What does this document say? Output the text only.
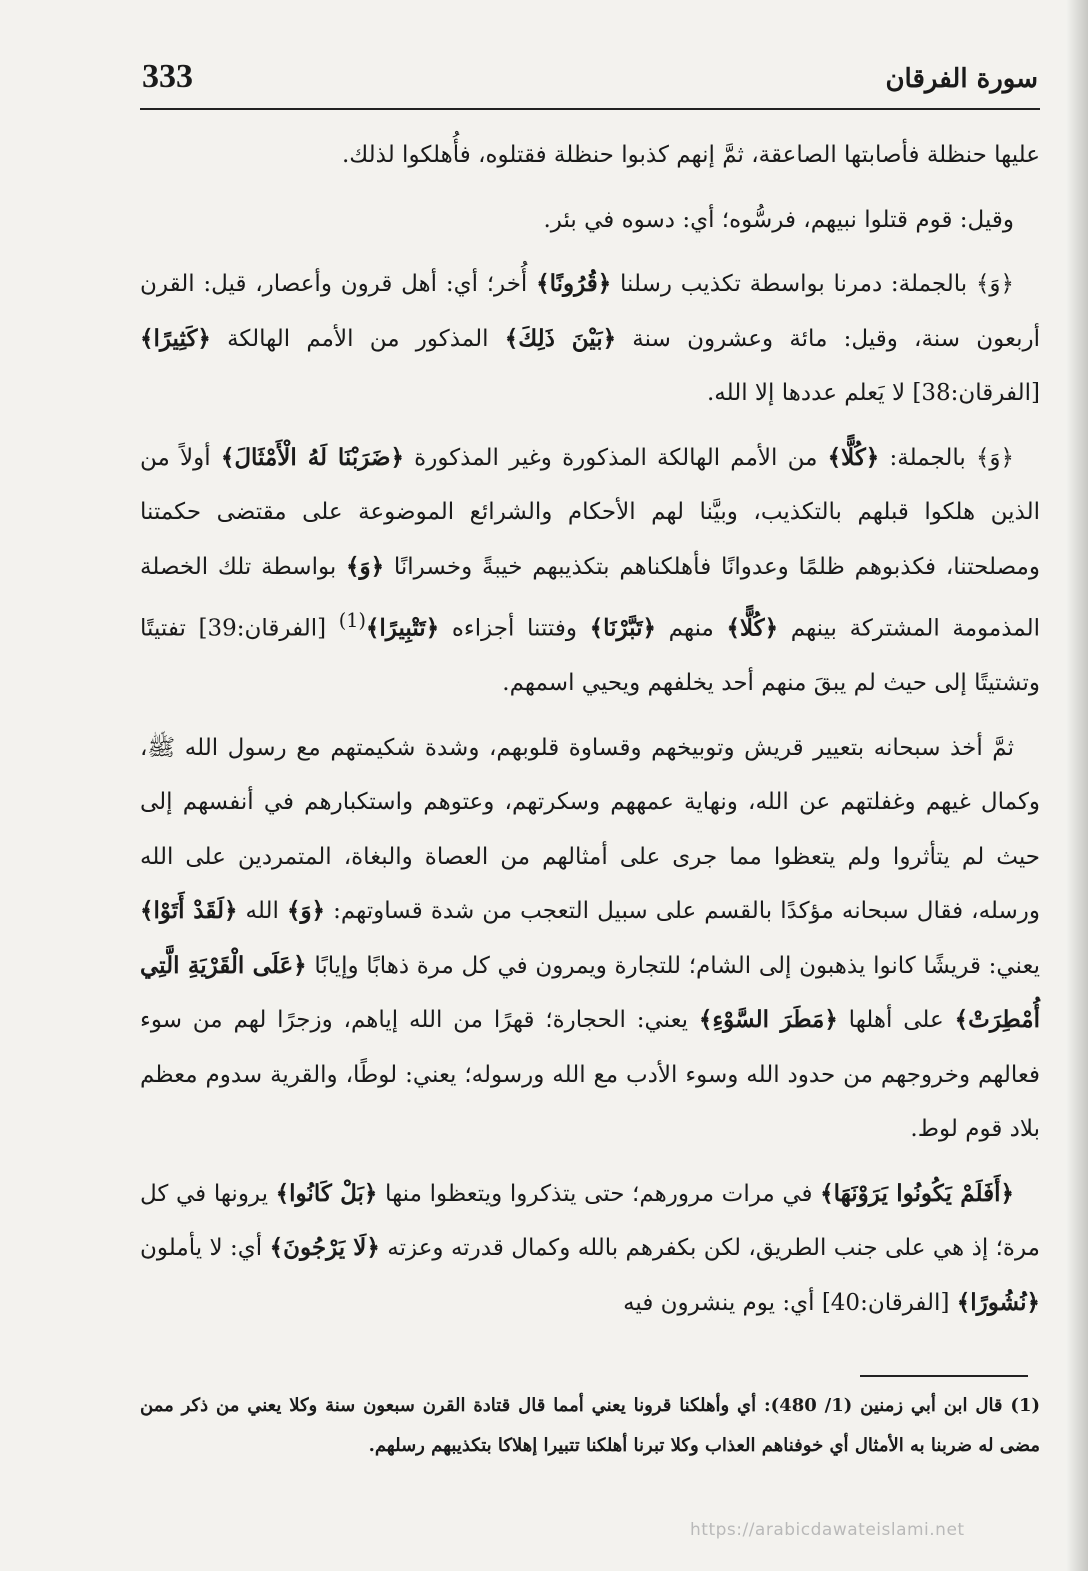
333	سورة الفرقان

عليها حنظلة فأصابتها الصاعقة، ثمَّ إنهم كذبوا حنظلة فقتلوه، فأُهلكوا لذلك.

وقيل: قوم قتلوا نبيهم، فرسُّوه؛ أي: دسوه في بئر.

﴿وَ﴾ بالجملة: دمرنا بواسطة تكذيب رسلنا ﴿قُرُونًا﴾ أُخر؛ أي: أهل قرون وأعصار، قيل: القرن أربعون سنة، وقيل: مائة وعشرون سنة ﴿بَيْنَ ذَلِكَ﴾ المذكور من الأمم الهالكة ﴿كَثِيرًا﴾ [الفرقان:38] لا يَعلم عددها إلا الله.

﴿وَ﴾ بالجملة: ﴿كُلًّا﴾ من الأمم الهالكة المذكورة وغير المذكورة ﴿ضَرَبْنَا لَهُ الْأَمْثَالَ﴾ أولاً من الذين هلكوا قبلهم بالتكذيب، وبيَّنا لهم الأحكام والشرائع الموضوعة على مقتضى حكمتنا ومصلحتنا، فكذبوهم ظلمًا وعدوانًا فأهلكناهم بتكذيبهم خيبةً وخسرانًا ﴿وَ﴾ بواسطة تلك الخصلة المذمومة المشتركة بينهم ﴿كُلًّا﴾ منهم ﴿تَبَّرْنَا﴾ وفتتنا أجزاءه ﴿تَتْبِيرًا﴾$^{(1)}$ [الفرقان:39] تفتيتًا وتشتيتًا إلى حيث لم يبقَ منهم أحد يخلفهم ويحيي اسمهم.

ثمَّ أخذ سبحانه بتعيير قريش وتوبيخهم وقساوة قلوبهم، وشدة شكيمتهم مع رسول الله ﷺ، وكمال غيهم وغفلتهم عن الله، ونهاية عمههم وسكرتهم، وعتوهم واستكبارهم في أنفسهم إلى حيث لم يتأثروا ولم يتعظوا مما جرى على أمثالهم من العصاة والبغاة، المتمردين على الله ورسله، فقال سبحانه مؤكدًا بالقسم على سبيل التعجب من شدة قساوتهم: ﴿وَ﴾ الله ﴿لَقَدْ أَتَوْا﴾ يعني: قريشًا كانوا يذهبون إلى الشام؛ للتجارة ويمرون في كل مرة ذهابًا وإيابًا ﴿عَلَى الْقَرْيَةِ الَّتِي أُمْطِرَتْ﴾ على أهلها ﴿مَطَرَ السَّوْءِ﴾ يعني: الحجارة؛ قهرًا من الله إياهم، وزجرًا لهم من سوء فعالهم وخروجهم من حدود الله وسوء الأدب مع الله ورسوله؛ يعني: لوطًا، والقرية سدوم معظم بلاد قوم لوط.

﴿أَفَلَمْ يَكُونُوا يَرَوْنَهَا﴾ في مرات مرورهم؛ حتى يتذكروا ويتعظوا منها ﴿بَلْ كَانُوا﴾ يرونها في كل مرة؛ إذ هي على جنب الطريق، لكن بكفرهم بالله وكمال قدرته وعزته ﴿لَا يَرْجُونَ﴾ أي: لا يأملون ﴿نُشُورًا﴾ [الفرقان:40] أي: يوم ينشرون فيه

(1) قال ابن أبي زمنين (1/ 480): أي وأهلكنا قرونا يعني أمما قال قتادة القرن سبعون سنة وكلا يعني من ذكر ممن مضى له ضربنا به الأمثال أي خوفناهم العذاب وكلا تبرنا أهلكنا تتبيرا إهلاكا بتكذيبهم رسلهم.

https://arabicdawateislami.net
